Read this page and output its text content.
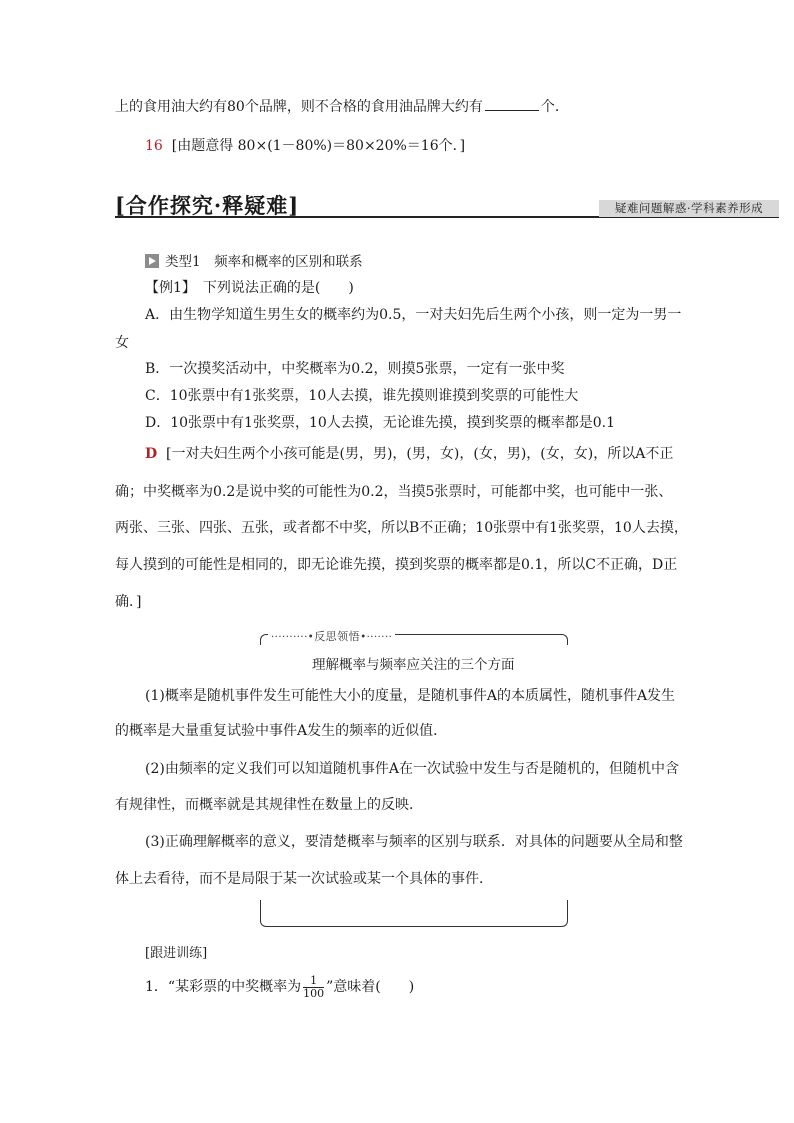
上的食用油大约有80个品牌，则不合格的食用油品牌大约有	个．
16 [由题意得 80×(1－80%)＝80×20%＝16个．]
[合作探究·释疑难]	疑难问题解惑·学科素养形成
类型1　频率和概率的区别和联系
【例1】　下列说法正确的是(　　)
A．由生物学知道生男生女的概率约为0.5，一对夫妇先后生两个小孩，则一定为一男一
女
B．一次摸奖活动中，中奖概率为0.2，则摸5张票，一定有一张中奖
C．10张票中有1张奖票，10人去摸，谁先摸则谁摸到奖票的可能性大
D．10张票中有1张奖票，10人去摸，无论谁先摸，摸到奖票的概率都是0.1
D [一对夫妇生两个小孩可能是(男，男)，(男，女)，(女，男)，(女，女)，所以A不正
确；中奖概率为0.2是说中奖的可能性为0.2，当摸5张票时，可能都中奖，也可能中一张、
两张、三张、四张、五张，或者都不中奖，所以B不正确；10张票中有1张奖票，10人去摸，
每人摸到的可能性是相同的，即无论谁先摸，摸到奖票的概率都是0.1，所以C不正确，D正
确．]
··········•反思领悟•·······
理解概率与频率应关注的三个方面
(1)概率是随机事件发生可能性大小的度量，是随机事件A的本质属性，随机事件A发生
的概率是大量重复试验中事件A发生的频率的近似值．
(2)由频率的定义我们可以知道随机事件A在一次试验中发生与否是随机的，但随机中含
有规律性，而概率就是其规律性在数量上的反映．
(3)正确理解概率的意义，要清楚概率与频率的区别与联系．对具体的问题要从全局和整
体上去看待，而不是局限于某一次试验或某一个具体的事件．
[跟进训练]
1．“某彩票的中奖概率为 $\frac{1}{100}$ ”意味着(　　)
